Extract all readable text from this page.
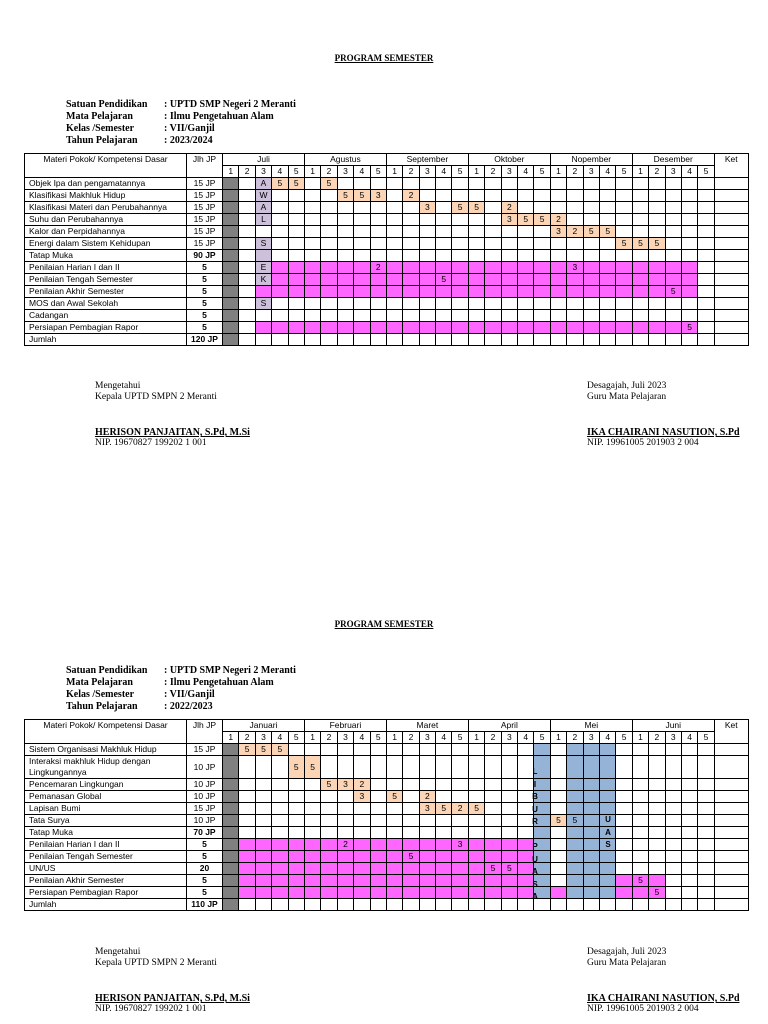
PROGRAM SEMESTER
Satuan Pendidikan : UPTD SMP Negeri 2 Meranti
Mata Pelajaran	: Ilmu Pengetahuan Alam
Kelas /Semester	: VII/Ganjil
Tahun Pelajaran	: 2023/2024
Materi Pokok/ Kompetensi Dasar	Jlh JP	Juli					Agustus					September					Oktober					Nopember					Desember					Ket
		1	2	3	4	5	1	2	3	4	5	1	2	3	4	5	1	2	3	4	5	1	2	3	4	5	1	2	3	4	5	
Objek Ipa dan pengamatannya	15 JP			A	5	5		5																								
Klasifikasi Makhluk Hidup	15 JP			W					5	5	3		2																			
Klasifikasi Materi dan Perubahannya	15 JP			A										3		5	5		2													
Suhu dan Perubahannya	15 JP			L															3	5	5	2										
Kalor dan Perpidahannya	15 JP																					3	2	5	5							
Energi dalam Sistem Kehidupan	15 JP			S																						5	5	5				
Tatap Muka	90 JP																															
Penilaian Harian I dan II	5			E							2												3									
Penilaian Tengah Semester	5			K											5																	
Penilaian Akhir Semester	5																												5			
MOS dan Awal Sekolah	5			S																												
Cadangan	5																															
Persiapan Pembagian Rapor	5																													5		
Jumlah	120 JP																															
Mengetahui
Kepala UPTD SMPN 2 Meranti
HERISON PANJAITAN, S.Pd, M.Si
NIP. 19670827 199202 1 001
Desagajah, Juli 2023
Guru Mata Pelajaran
IKA CHAIRANI NASUTION, S.Pd
NIP. 19961005 201903 2 004
PROGRAM SEMESTER
Satuan Pendidikan : UPTD SMP Negeri 2 Meranti
Mata Pelajaran	: Ilmu Pengetahuan Alam
Kelas /Semester	: VII/Ganjil
Tahun Pelajaran	: 2022/2023
Materi Pokok/ Kompetensi Dasar	Jlh JP	Januari					Februari					Maret					April					Mei					Juni					Ket
		1	2	3	4	5	1	2	3	4	5	1	2	3	4	5	1	2	3	4	5	1	2	3	4	5	1	2	3	4	5	
Sistem Organisasi Makhluk Hidup	15 JP		5	5	5																											
Interaksi makhluk Hidup dengan Lingkungannya	10 JP					5	5																									
Pencemaran Lingkungan	10 JP							5	3	2																						
Pemanasan Global	10 JP									3		5		2																		
Lapisan Bumi	15 JP													3	5	2	5															
Tata Surya	10 JP																					5	5									
Tatap Muka	70 JP																															
Penilaian Harian I dan II	5								2							3																
Penilaian Tengah Semester	5												5																			
UN/US	20																	5	5													
Penilaian Akhir Semester	5																										5					
Persiapan Pembagian Rapor	5																											5				
Jumlah	110 JP																															
Mengetahui
Kepala UPTD SMPN 2 Meranti
HERISON PANJAITAN, S.Pd, M.Si
NIP. 19670827 199202 1 001
Desagajah, Juli 2023
Guru Mata Pelajaran
IKA CHAIRANI NASUTION, S.Pd
NIP. 19961005 201903 2 004
L
I
B
U
R
P
U
A
S
A
U
A
S
